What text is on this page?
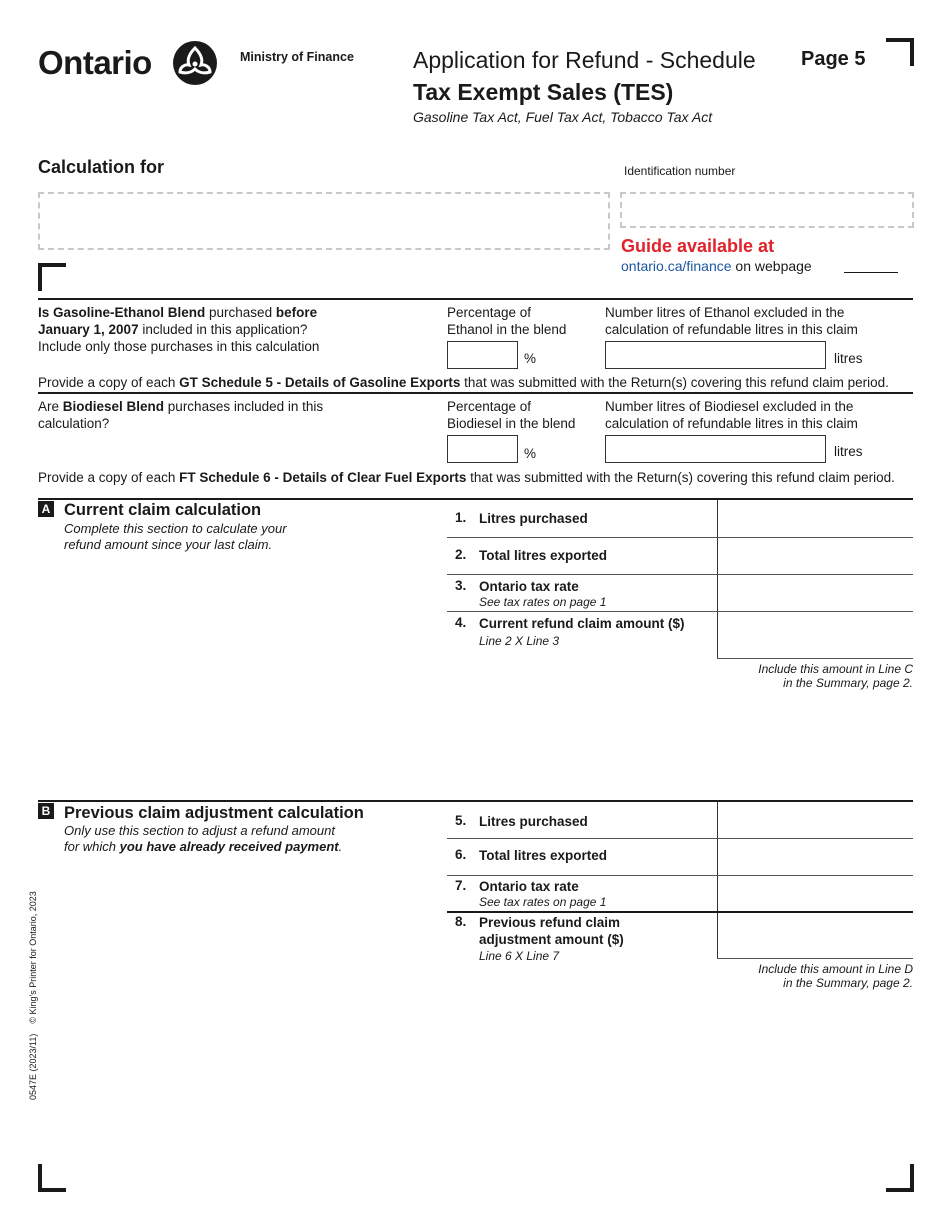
Ontario	Ministry of Finance	Application for Refund - Schedule
Tax Exempt Sales (TES)
Gasoline Tax Act, Fuel Tax Act, Tobacco Tax Act
Page 5
Calculation for	Identification number
Guide available at
ontario.ca/finance on webpage
Is Gasoline-Ethanol Blend purchased before
January 1, 2007 included in this application?
Include only those purchases in this calculation
Percentage of
Ethanol in the blend
%
Number litres of Ethanol excluded in the
calculation of refundable litres in this claim
litres
Provide a copy of each GT Schedule 5 - Details of Gasoline Exports that was submitted with the Return(s) covering this refund claim period.
Are Biodiesel Blend purchases included in this
calculation?
Percentage of
Biodiesel in the blend
%
Number litres of Biodiesel excluded in the
calculation of refundable litres in this claim
litres
Provide a copy of each FT Schedule 6 - Details of Clear Fuel Exports that was submitted with the Return(s) covering this refund claim period.
A Current claim calculation
Complete this section to calculate your
refund amount since your last claim.
1. Litres purchased
2. Total litres exported
3. Ontario tax rate
See tax rates on page 1
4. Current refund claim amount ($)
Line 2 X Line 3
Include this amount in Line C
in the Summary, page 2.
B Previous claim adjustment calculation
Only use this section to adjust a refund amount
for which you have already received payment.
5. Litres purchased
6. Total litres exported
7. Ontario tax rate
See tax rates on page 1
8. Previous refund claim
adjustment amount ($)
Line 6 X Line 7
Include this amount in Line D
in the Summary, page 2.
0547E (2023/11)    © King's Printer for Ontario, 2023
